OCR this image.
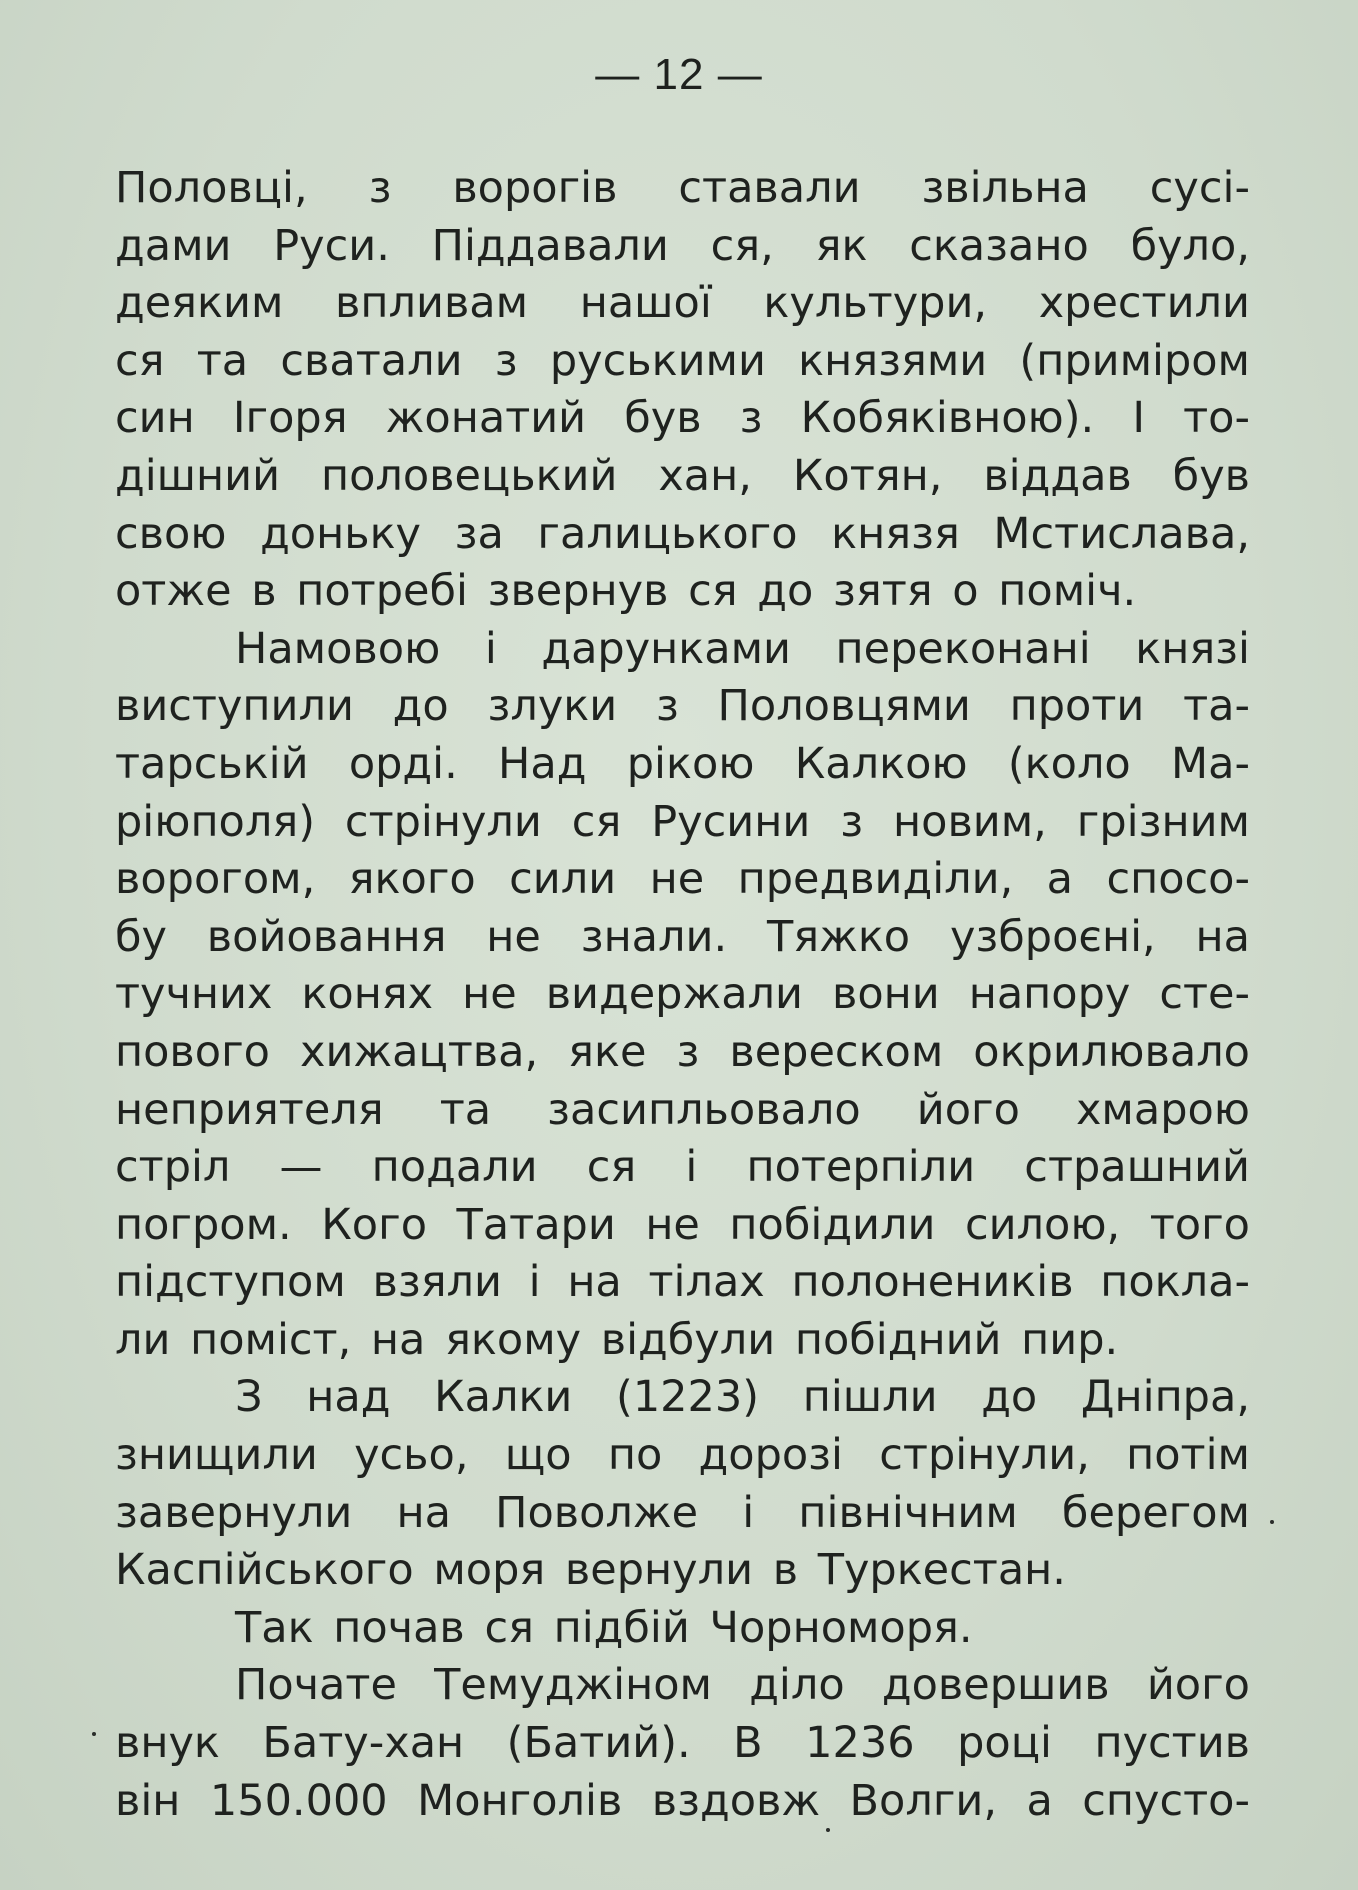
— 12 —
Половці, з ворогів ставали звільна сусі-
дами Руси. Піддавали ся, як сказано було,
деяким впливам нашої культури, хрестили
ся та сватали з руськими князями (примірoм
син Ігоря жонатий був з Кобяківною). І то-
дішний половецький хан, Котян, віддав був
свою доньку за галицького князя Мстислава,
отже в потребі звернув ся до зятя о поміч.
Намовою і дарунками переконані князі
виступили до злуки з Половцями проти та-
тарській орді. Над рікою Калкою (коло Ма-
ріюполя) стрінули ся Русини з новим, грізним
ворогом, якого сили не предвиділи, а спосо-
бу войовання не знали. Тяжко узброєні, на
тучних конях не видержали вони напору сте-
пового хижацтва, яке з вереском окрилювало
неприятеля та засипльовало його хмарою
стріл — подали ся і потерпіли страшний
погром. Кого Татари не побідили силою, того
підступом взяли і на тілах полонеників покла-
ли поміст, на якому відбули побідний пир.
З над Калки (1223) пішли до Дніпра,
знищили усьо, що по дорозі стрінули, потім
завернули на Поволже і північним берегом
Каспійського моря вернули в Туркестан.
Так почав ся підбій Чорноморя.
Почате Темуджіном діло довершив його
внук Бату-хан (Батий). В 1236 році пустив
він 150.000 Монголів вздовж Волги, а спусто-
